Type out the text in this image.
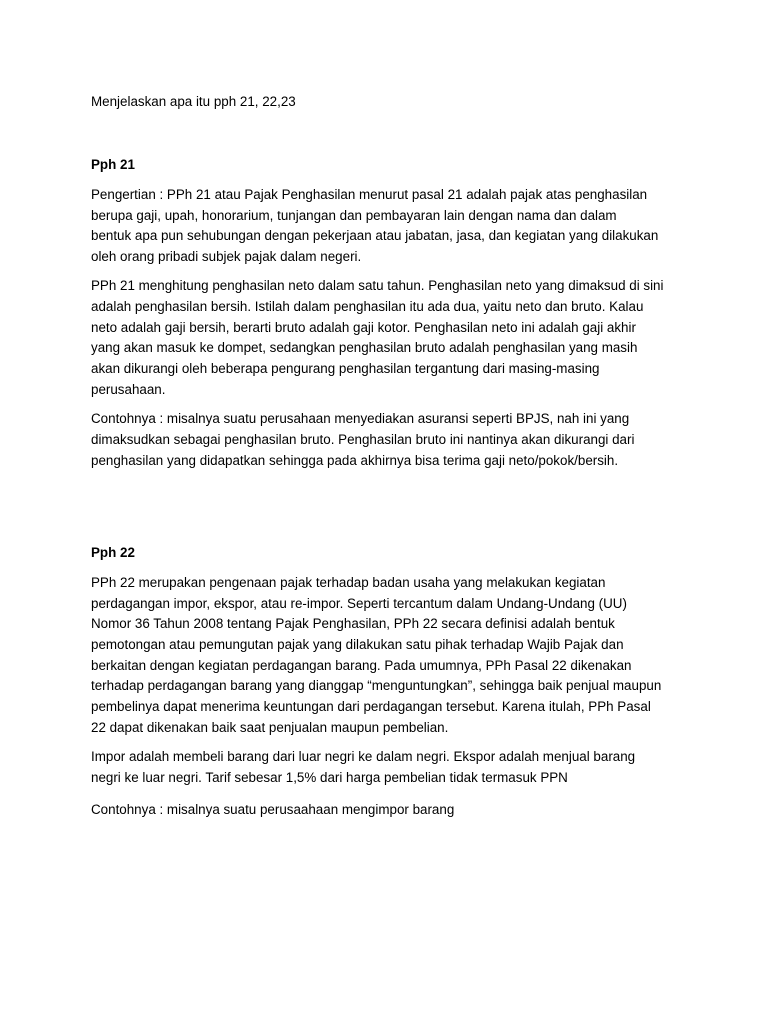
Menjelaskan apa itu pph 21, 22,23

Pph 21

Pengertian : PPh 21 atau Pajak Penghasilan menurut pasal 21 adalah pajak atas penghasilan

berupa gaji, upah, honorarium, tunjangan dan pembayaran lain dengan nama dan dalam

bentuk apa pun sehubungan dengan pekerjaan atau jabatan, jasa, dan kegiatan yang dilakukan

oleh orang pribadi subjek pajak dalam negeri.

PPh 21 menghitung penghasilan neto dalam satu tahun. Penghasilan neto yang dimaksud di sini

adalah penghasilan bersih. Istilah dalam penghasilan itu ada dua, yaitu neto dan bruto. Kalau

neto adalah gaji bersih, berarti bruto adalah gaji kotor. Penghasilan neto ini adalah gaji akhir

yang akan masuk ke dompet, sedangkan penghasilan bruto adalah penghasilan yang masih

akan dikurangi oleh beberapa pengurang penghasilan tergantung dari masing-masing

perusahaan.

Contohnya : misalnya suatu perusahaan menyediakan asuransi seperti BPJS, nah ini yang

dimaksudkan sebagai penghasilan bruto. Penghasilan bruto ini nantinya akan dikurangi dari

penghasilan yang didapatkan sehingga pada akhirnya bisa terima gaji neto/pokok/bersih.

Pph 22

PPh 22 merupakan pengenaan pajak terhadap badan usaha yang melakukan kegiatan

perdagangan impor, ekspor, atau re-impor. Seperti tercantum dalam Undang-Undang (UU)

Nomor 36 Tahun 2008 tentang Pajak Penghasilan, PPh 22 secara definisi adalah bentuk

pemotongan atau pemungutan pajak yang dilakukan satu pihak terhadap Wajib Pajak dan

berkaitan dengan kegiatan perdagangan barang. Pada umumnya, PPh Pasal 22 dikenakan

terhadap perdagangan barang yang dianggap “menguntungkan”, sehingga baik penjual maupun

pembelinya dapat menerima keuntungan dari perdagangan tersebut. Karena itulah, PPh Pasal

22 dapat dikenakan baik saat penjualan maupun pembelian.

Impor adalah membeli barang dari luar negri ke dalam negri. Ekspor adalah menjual barang

negri ke luar negri. Tarif sebesar 1,5% dari harga pembelian tidak termasuk PPN

Contohnya : misalnya suatu perusaahaan mengimpor barang
